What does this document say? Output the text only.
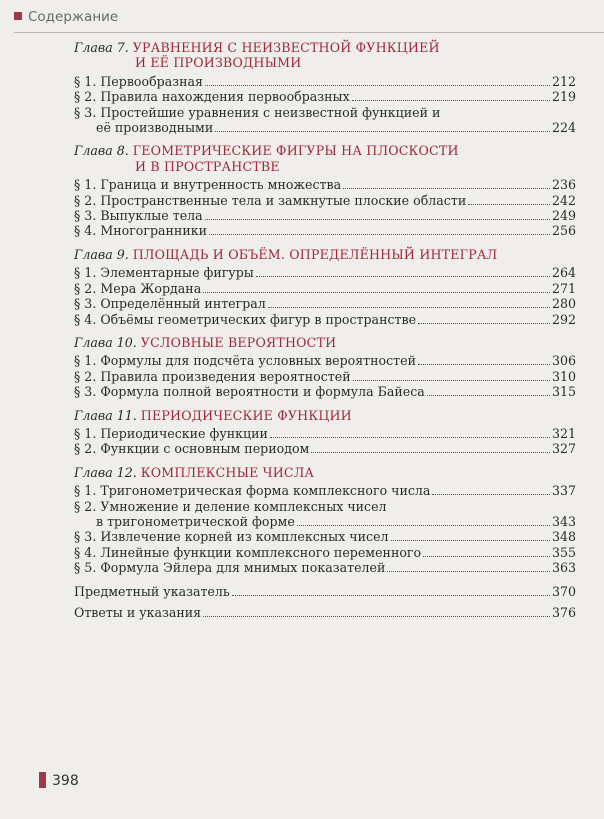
Содержание
Глава 7. УРАВНЕНИЯ С НЕИЗВЕСТНОЙ ФУНКЦИЕЙ
И ЕЁ ПРОИЗВОДНЫМИ
§ 1. Первообразная	212
§ 2. Правила нахождения первообразных	219
§ 3. Простейшие уравнения с неизвестной функцией и
её производными	224
Глава 8. ГЕОМЕТРИЧЕСКИЕ ФИГУРЫ НА ПЛОСКОСТИ
И В ПРОСТРАНСТВЕ
§ 1. Граница и внутренность множества	236
§ 2. Пространственные тела и замкнутые плоские области	242
§ 3. Выпуклые тела	249
§ 4. Многогранники	256
Глава 9. ПЛОЩАДЬ И ОБЪЁМ. ОПРЕДЕЛЁННЫЙ ИНТЕГРАЛ
§ 1. Элементарные фигуры	264
§ 2. Мера Жордана	271
§ 3. Определённый интеграл	280
§ 4. Объёмы геометрических фигур в пространстве	292
Глава 10. УСЛОВНЫЕ ВЕРОЯТНОСТИ
§ 1. Формулы для подсчёта условных вероятностей	306
§ 2. Правила произведения вероятностей	310
§ 3. Формула полной вероятности и формула Байеса	315
Глава 11. ПЕРИОДИЧЕСКИЕ ФУНКЦИИ
§ 1. Периодические функции	321
§ 2. Функции с основным периодом	327
Глава 12. КОМПЛЕКСНЫЕ ЧИСЛА
§ 1. Тригонометрическая форма комплексного числа	337
§ 2. Умножение и деление комплексных чисел
в тригонометрической форме	343
§ 3. Извлечение корней из комплексных чисел	348
§ 4. Линейные функции комплексного переменного	355
§ 5. Формула Эйлера для мнимых показателей	363
Предметный указатель	370
Ответы и указания	376
398
